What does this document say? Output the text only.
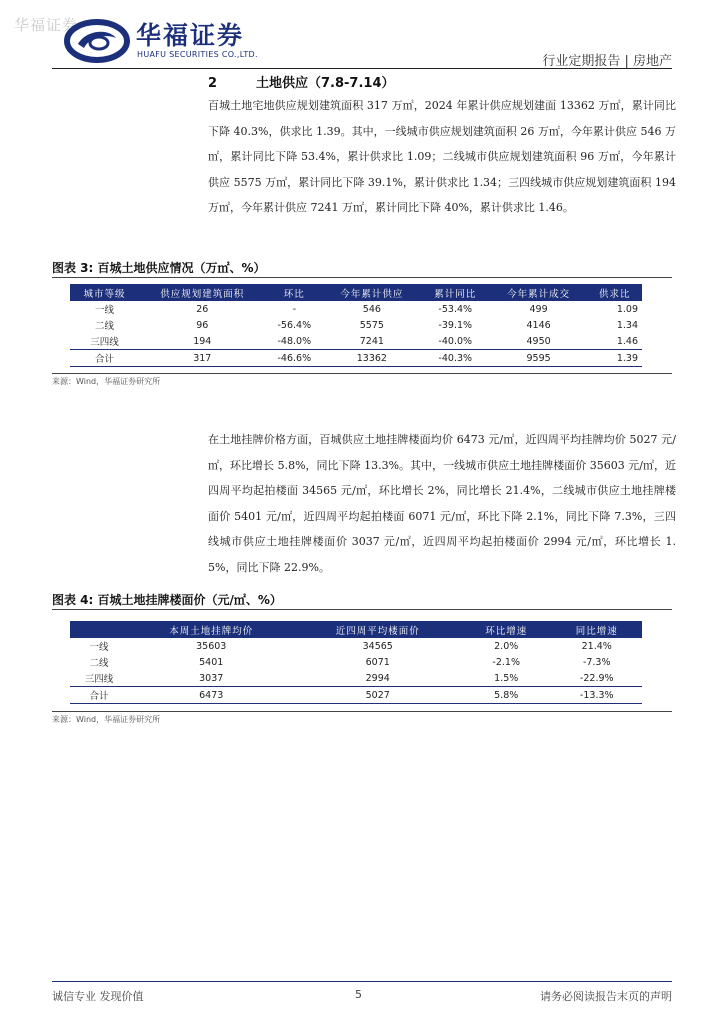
华福证券 华福证券
HUAFU SECURITIES CO.,LTD.	行业定期报告 | 房地产
2	土地供应（7.8-7.14）
百城土地宅地供应规划建筑面积 317 万㎡，2024 年累计供应规划建面 13362 万㎡，累计同比下降 40.3%，供求比 1.39。其中，一线城市供应规划建筑面积 26 万㎡，今年累计供应 546 万㎡，累计同比下降 53.4%，累计供求比 1.09；二线城市供应规划建筑面积 96 万㎡，今年累计供应 5575 万㎡，累计同比下降 39.1%，累计供求比 1.34；三四线城市供应规划建筑面积 194 万㎡，今年累计供应 7241 万㎡，累计同比下降 40%，累计供求比 1.46。
图表 3: 百城土地供应情况（万㎡、%）
城市等级	供应规划建筑面积	环比	今年累计供应	累计同比	今年累计成交	供求比
一线	26	-	546	-53.4%	499	1.09
二线	96	-56.4%	5575	-39.1%	4146	1.34
三四线	194	-48.0%	7241	-40.0%	4950	1.46
合计	317	-46.6%	13362	-40.3%	9595	1.39
来源：Wind，华福证券研究所
在土地挂牌价格方面，百城供应土地挂牌楼面均价 6473 元/㎡，近四周平均挂牌均价 5027 元/㎡，环比增长 5.8%，同比下降 13.3%。其中，一线城市供应土地挂牌楼面价 35603 元/㎡，近四周平均起拍楼面 34565 元/㎡，环比增长 2%，同比增长 21.4%，二线城市供应土地挂牌楼面价 5401 元/㎡，近四周平均起拍楼面 6071 元/㎡，环比下降 2.1%，同比下降 7.3%，三四线城市供应土地挂牌楼面价 3037 元/㎡，近四周平均起拍楼面价 2994 元/㎡，环比增长 1.5%，同比下降 22.9%。
图表 4: 百城土地挂牌楼面价（元/㎡、%）
	本周土地挂牌均价	近四周平均楼面价	环比增速	同比增速
一线	35603	34565	2.0%	21.4%
二线	5401	6071	-2.1%	-7.3%
三四线	3037	2994	1.5%	-22.9%
合计	6473	5027	5.8%	-13.3%
来源：Wind，华福证券研究所
诚信专业 发现价值	5	请务必阅读报告末页的声明
